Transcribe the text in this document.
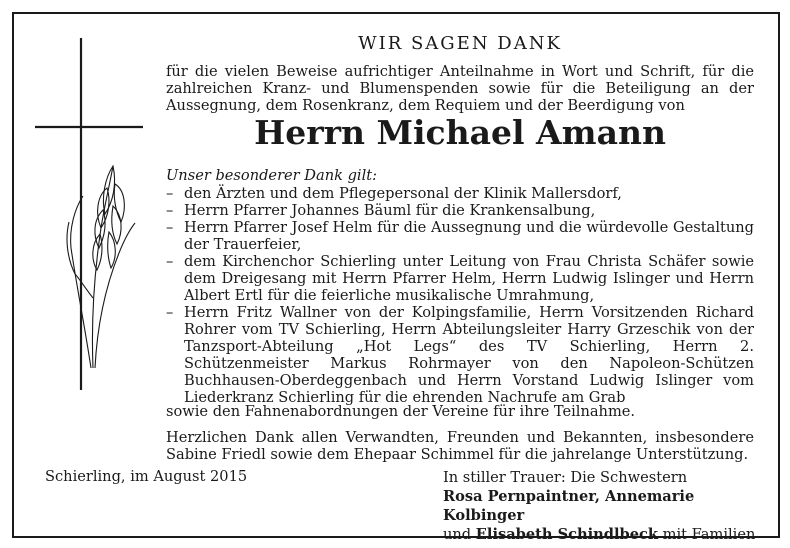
WIR SAGEN DANK
für die vielen Beweise aufrichtiger Anteilnahme in Wort und Schrift, für die zahlreichen Kranz- und Blumenspenden sowie für die Beteiligung an der Aussegnung, dem Rosenkranz, dem Requiem und der Beerdigung von
Herrn Michael Amann
Unser besonderer Dank gilt:
– den Ärzten und dem Pflegepersonal der Klinik Mallersdorf,
– Herrn Pfarrer Johannes Bäuml für die Krankensalbung,
– Herrn Pfarrer Josef Helm für die Aussegnung und die würdevolle Gestaltung der Trauerfeier,
– dem Kirchenchor Schierling unter Leitung von Frau Christa Schäfer sowie dem Dreigesang mit Herrn Pfarrer Helm, Herrn Ludwig Islinger und Herrn Albert Ertl für die feierliche musikalische Umrahmung,
– Herrn Fritz Wallner von der Kolpingsfamilie, Herrn Vorsitzenden Richard Rohrer vom TV Schierling, Herrn Abteilungsleiter Harry Grzeschik von der Tanzsport-Abteilung „Hot Legs“ des TV Schierling, Herrn 2. Schützenmeister Markus Rohrmayer von den Napoleon-Schützen Buchhausen-Oberdeggenbach und Herrn Vorstand Ludwig Islinger vom Liederkranz Schierling für die ehrenden Nachrufe am Grab
sowie den Fahnenabordnungen der Vereine für ihre Teilnahme.
Herzlichen Dank allen Verwandten, Freunden und Bekannten, insbesondere Sabine Friedl sowie dem Ehepaar Schimmel für die jahrelange Unterstützung.
Schierling, im August 2015	In stiller Trauer: Die Schwestern
Rosa Pernpaintner, Annemarie Kolbinger
und Elisabeth Schindlbeck mit Familien
